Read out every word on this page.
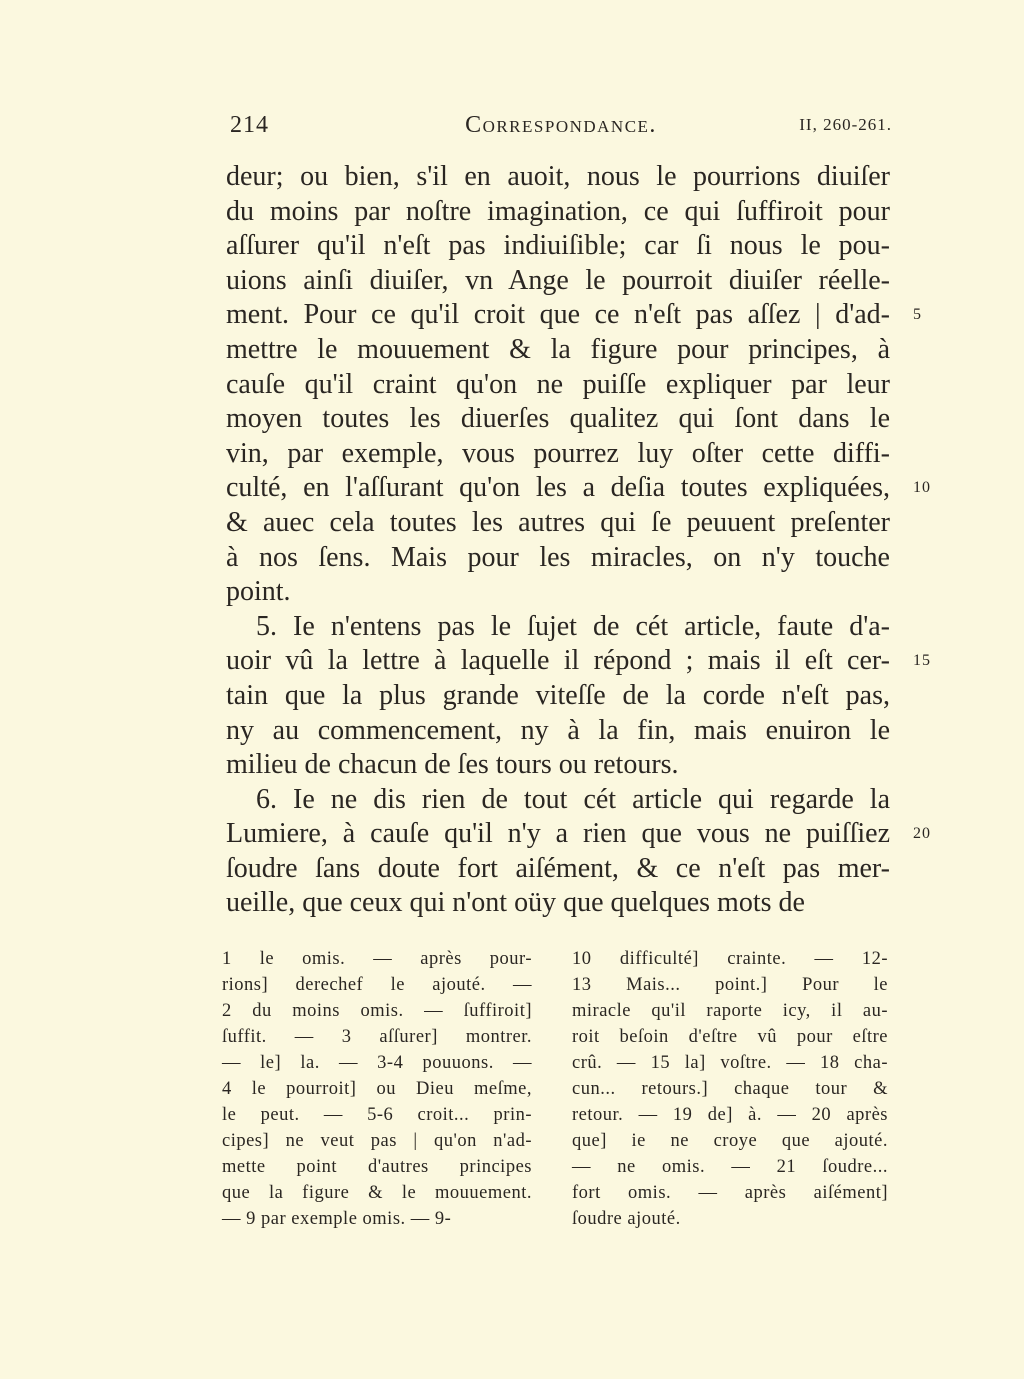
214	Correspondance.	II, 260-261.
deur; ou bien, s'il en auoit, nous le pourrions diuiſer
du moins par noſtre imagination, ce qui ſuffiroit pour
aſſurer qu'il n'eſt pas indiuiſible; car ſi nous le pou-
uions ainſi diuiſer, vn Ange le pourroit diuiſer réelle-
ment. Pour ce qu'il croit que ce n'eſt pas aſſez | d'ad- 5
mettre le mouuement & la figure pour principes, à
cauſe qu'il craint qu'on ne puiſſe expliquer par leur
moyen toutes les diuerſes qualitez qui ſont dans le
vin, par exemple, vous pourrez luy oſter cette diffi-
culté, en l'aſſurant qu'on les a deſia toutes expliquées, 10
& auec cela toutes les autres qui ſe peuuent preſenter
à nos ſens. Mais pour les miracles, on n'y touche
point.
5. Ie n'entens pas le ſujet de cét article, faute d'a-
uoir vû la lettre à laquelle il répond ; mais il eſt cer- 15
tain que la plus grande viteſſe de la corde n'eſt pas,
ny au commencement, ny à la fin, mais enuiron le
milieu de chacun de ſes tours ou retours.
6. Ie ne dis rien de tout cét article qui regarde la
Lumiere, à cauſe qu'il n'y a rien que vous ne puiſſiez 20
ſoudre ſans doute fort aiſément, & ce n'eſt pas mer-
ueille, que ceux qui n'ont oüy que quelques mots de
1 le omis. — après pour-
rions] derechef le ajouté. —
2 du moins omis. — ſuffiroit]
ſuffit. — 3 aſſurer] montrer.
— le] la. — 3-4 pouuons. —
4 le pourroit] ou Dieu meſme,
le peut. — 5-6 croit... prin-
cipes] ne veut pas | qu'on n'ad-
mette point d'autres principes
que la figure & le mouuement.
— 9 par exemple omis. — 9-
10 difficulté] crainte. — 12-
13 Mais... point.] Pour le
miracle qu'il raporte icy, il au-
roit beſoin d'eſtre vû pour eſtre
crû. — 15 la] voſtre. — 18 cha-
cun... retours.] chaque tour &
retour. — 19 de] à. — 20 après
que] ie ne croye que ajouté.
— ne omis. — 21 ſoudre...
fort omis. — après aiſément]
ſoudre ajouté.
